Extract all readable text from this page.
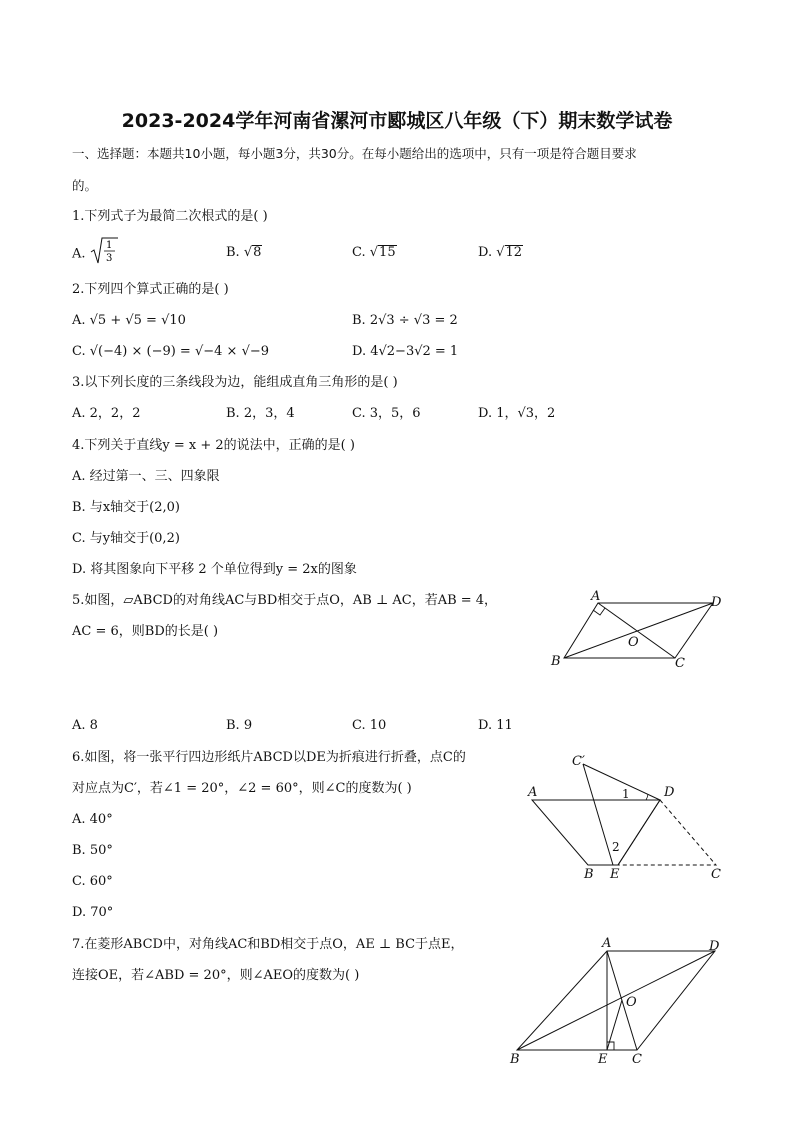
2023-2024学年河南省漯河市郾城区八年级（下）期末数学试卷
一、选择题：本题共10小题，每小题3分，共30分。在每小题给出的选项中，只有一项是符合题目要求
的。
1.下列式子为最简二次根式的是( )
A.
1
3	B. √8	C. √15	D. √12
2.下列四个算式正确的是( )
A. √5 + √5 = √10	B. 2√3 ÷ √3 = 2
C. √(−4) × (−9) = √−4 × √−9	D. 4√2−3√2 = 1
3.以下列长度的三条线段为边，能组成直角三角形的是( )
A. 2，2，2	B. 2，3，4	C. 3，5，6	D. 1，√3，2
4.下列关于直线y = x + 2的说法中，正确的是( )
A. 经过第一、三、四象限
B. 与x轴交于(2,0)
C. 与y轴交于(0,2)
D. 将其图象向下平移 2 个单位得到y = 2x的图象
5.如图，▱ABCD的对角线AC与BD相交于点O，AB ⊥ AC，若AB = 4，
AC = 6，则BD的长是( )
A	D
B	C
O
A. 8	B. 9	C. 10	D. 11
6.如图，将一张平行四边形纸片ABCD以DE为折痕进行折叠，点C的
对应点为C′，若∠1 = 20°，∠2 = 60°，则∠C的度数为( )
C′
A	D
B E	C
1
2
A. 40°
B. 50°
C. 60°
D. 70°
7.在菱形ABCD中，对角线AC和BD相交于点O，AE ⊥ BC于点E，
连接OE，若∠ABD = 20°，则∠AEO的度数为( )
A	D
O
B	E C
